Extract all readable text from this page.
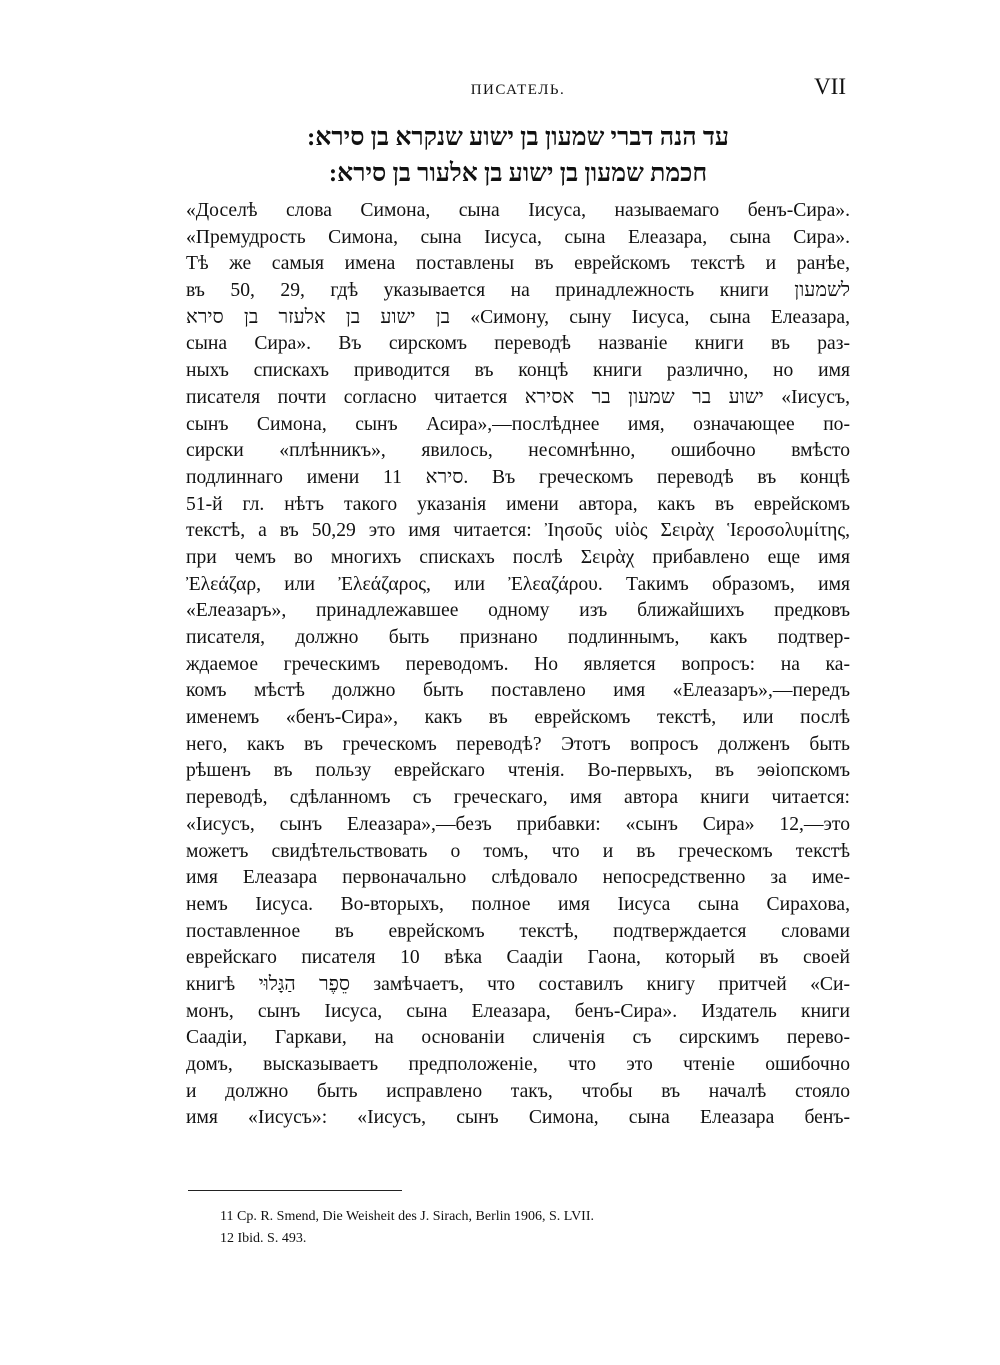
ПИСАТЕЛЬ.	VII
עד הנה דברי שמעון בן ישוע שנקרא בן סירא:
חכמת שמעון בן ישוע בן אלעור בן סירא:
«Доселѣ слова Симона, сына Іисуса, называемаго бенъ-Сира».
«Премудрость Симона, сына Іисуса, сына Елеазара, сына Сира».
Тѣ же самыя имена поставлены въ еврейскомъ текстѣ и ранѣе,
въ 50, 29, гдѣ указывается на принадлежность книги לשמעון
בן ישוע בן אלעזר בן סירא «Симону, сыну Іисуса, сына Елеазара,
сына Сира». Въ сирскомъ переводѣ названіе книги въ раз-
ныхъ спискахъ приводится въ концѣ книги различно, но имя
писателя почти согласно читается ישוע בר שמעון בר אסירא «Іисусъ,
сынъ Симона, сынъ Асира»,—послѣднее имя, означающее по-
сирски «плѣнникъ», явилось, несомнѣнно, ошибочно вмѣсто
подлиннаго имени סירא 11. Въ греческомъ переводѣ въ концѣ
51-й гл. нѣтъ такого указанія имени автора, какъ въ еврейскомъ
текстѣ, а въ 50,29 это имя читается: Ἰησοῦς υἱὸς Σειρὰχ Ἱεροσολυμίτης,
при чемъ во многихъ спискахъ послѣ Σειρὰχ прибавлено еще имя
Ἐλεάζαρ, или Ἐλεάζαρος, или Ἐλεαζάρου. Такимъ образомъ, имя
«Елеазаръ», принадлежавшее одному изъ ближайшихъ предковъ
писателя, должно быть признано подлиннымъ, какъ подтвер-
ждаемое греческимъ переводомъ. Но является вопросъ: на ка-
комъ мѣстѣ должно быть поставлено имя «Елеазаръ»,—передъ
именемъ «бенъ-Сира», какъ въ еврейскомъ текстѣ, или послѣ
него, какъ въ греческомъ переводѣ? Этотъ вопросъ долженъ быть
рѣшенъ въ пользу еврейскаго чтенія. Во-первыхъ, въ эѳіопскомъ
переводѣ, сдѣланномъ съ греческаго, имя автора книги читается:
«Іисусъ, сынъ Елеазара»,—безъ прибавки: «сынъ Сира» 12,—это
можетъ свидѣтельствовать о томъ, что и въ греческомъ текстѣ
имя Елеазара первоначально слѣдовало непосредственно за име-
немъ Іисуса. Во-вторыхъ, полное имя Іисуса сына Сирахова,
поставленное въ еврейскомъ текстѣ, подтверждается словами
еврейскаго писателя 10 вѣка Саадіи Гаона, который въ своей
книгѣ סֵפֶר הַגָּלוּי замѣчаетъ, что составилъ книгу притчей «Си-
монъ, сынъ Іисуса, сына Елеазара, бенъ-Сира». Издатель книги
Саадіи, Гаркави, на основаніи сличенія съ сирскимъ перево-
домъ, высказываетъ предположеніе, что это чтеніе ошибочно
и должно быть исправлено такъ, чтобы въ началѣ стояло
имя «Іисусъ»: «Іисусъ, сынъ Симона, сына Елеазара бенъ-
11 Ср. R. Smend, Die Weisheit des J. Sirach, Berlin 1906, S. LVII.
12 Ibid. S. 493.
